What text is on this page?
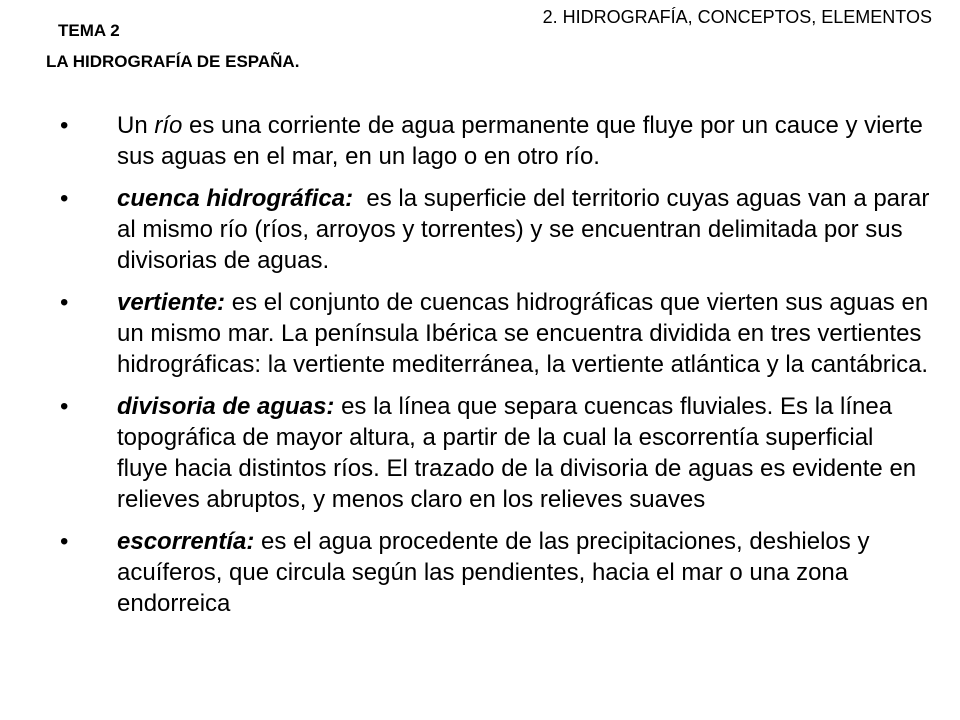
TEMA 2

LA HIDROGRAFÍA DE ESPAÑA.

2. HIDROGRAFÍA, CONCEPTOS, ELEMENTOS

• Un río es una corriente de agua permanente que fluye por un cauce y vierte sus aguas en el mar, en un lago o en otro río.
• cuenca hidrográfica:  es la superficie del territorio cuyas aguas van a parar al mismo río (ríos, arroyos y torrentes) y se encuentran delimitada por sus divisorias de aguas.
• vertiente: es el conjunto de cuencas hidrográficas que vierten sus aguas en un mismo mar. La península Ibérica se encuentra dividida en tres vertientes hidrográficas: la vertiente mediterránea, la vertiente atlántica y la cantábrica.
• divisoria de aguas: es la línea que separa cuencas fluviales. Es la línea topográfica de mayor altura, a partir de la cual la escorrentía superficial fluye hacia distintos ríos. El trazado de la divisoria de aguas es evidente en relieves abruptos, y menos claro en los relieves suaves
• escorrentía: es el agua procedente de las precipitaciones, deshielos y acuíferos, que circula según las pendientes, hacia el mar o una zona endorreica
